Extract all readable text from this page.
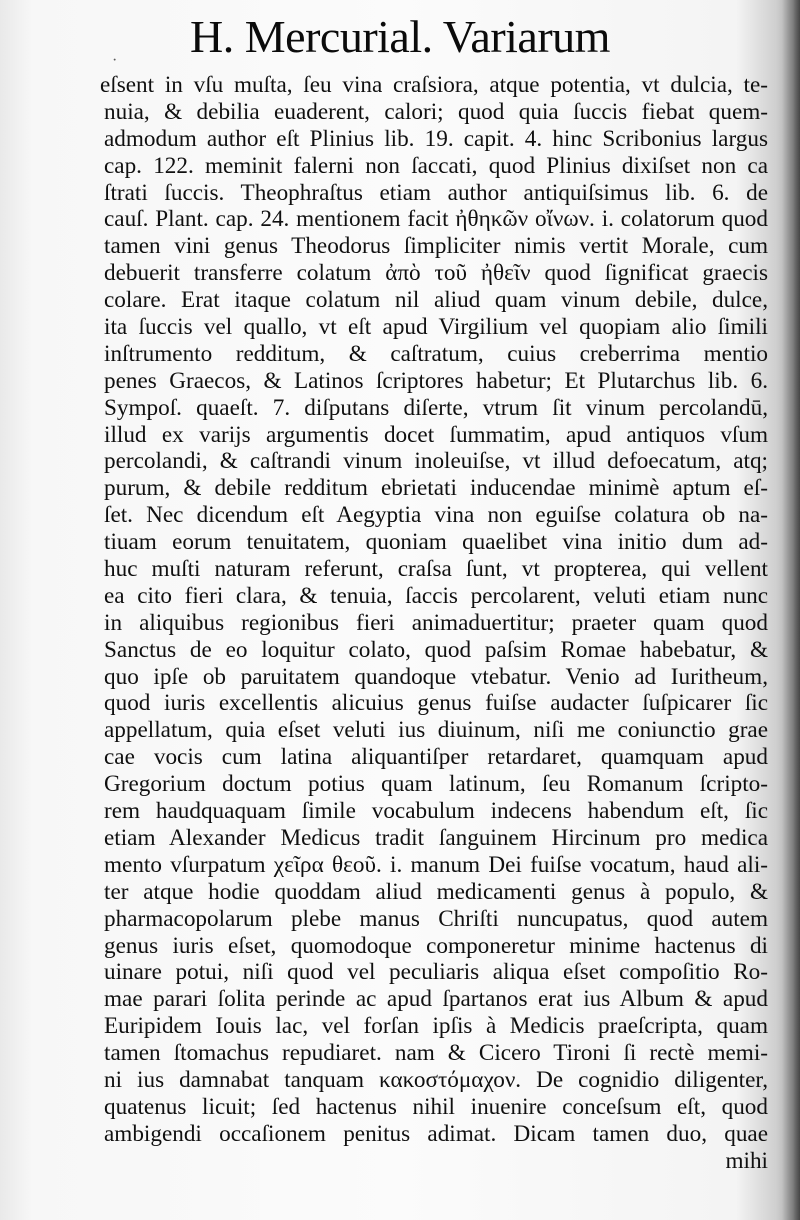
· H. Mercurial. Variarum
eſsent in vſu muſta, ſeu vina craſsiora, atque potentia, vt dulcia, te-
nuia, & debilia euaderent, calori; quod quia ſuccis fiebat quem-
admodum author eſt Plinius lib. 19. capit. 4. hinc Scribonius largus
cap. 122. meminit falerni non ſaccati, quod Plinius dixiſset non ca
ſtrati ſuccis. Theophraſtus etiam author antiquiſsimus lib. 6. de
cauſ. Plant. cap. 24. mentionem facit ἠθηκῶν οἴνων. i. colatorum quod
tamen vini genus Theodorus ſimpliciter nimis vertit Morale, cum
debuerit transferre colatum ἀπὸ τοῦ ἠθεῖν quod ſignificat graecis
colare. Erat itaque colatum nil aliud quam vinum debile, dulce,
ita ſuccis vel quallo, vt eſt apud Virgilium vel quopiam alio ſimili
inſtrumento redditum, & caſtratum, cuius creberrima mentio
penes Graecos, & Latinos ſcriptores habetur; Et Plutarchus lib. 6.
Sympoſ. quaeſt. 7. diſputans diſerte, vtrum ſit vinum percolandū,
illud ex varijs argumentis docet ſummatim, apud antiquos vſum
percolandi, & caſtrandi vinum inoleuiſse, vt illud defoecatum, atq;
purum, & debile redditum ebrietati inducendae minimè aptum eſ-
ſet. Nec dicendum eſt Aegyptia vina non eguiſse colatura ob na-
tiuam eorum tenuitatem, quoniam quaelibet vina initio dum ad-
huc muſti naturam referunt, craſsa ſunt, vt propterea, qui vellent
ea cito fieri clara, & tenuia, ſaccis percolarent, veluti etiam nunc
in aliquibus regionibus fieri animaduertitur; praeter quam quod
Sanctus de eo loquitur colato, quod paſsim Romae habebatur, &
quo ipſe ob paruitatem quandoque vtebatur. Venio ad Iuritheum,
quod iuris excellentis alicuius genus fuiſse audacter ſuſpicarer ſic
appellatum, quia eſset veluti ius diuinum, niſi me coniunctio grae
cae vocis cum latina aliquantiſper retardaret, quamquam apud
Gregorium doctum potius quam latinum, ſeu Romanum ſcripto-
rem haudquaquam ſimile vocabulum indecens habendum eſt, ſic
etiam Alexander Medicus tradit ſanguinem Hircinum pro medica
mento vſurpatum χεῖρα θεοῦ. i. manum Dei fuiſse vocatum, haud ali-
ter atque hodie quoddam aliud medicamenti genus à populo, &
pharmacopolarum plebe manus Chriſti nuncupatus, quod autem
genus iuris eſset, quomodoque componeretur minime hactenus di
uinare potui, niſi quod vel peculiaris aliqua eſset compoſitio Ro-
mae parari ſolita perinde ac apud ſpartanos erat ius Album & apud
Euripidem Iouis lac, vel forſan ipſis à Medicis praeſcripta, quam
tamen ſtomachus repudiaret. nam & Cicero Tironi ſi rectè memi-
ni ius damnabat tanquam κακοστόμαχον. De cognidio diligenter,
quatenus licuit; ſed hactenus nihil inuenire conceſsum eſt, quod
ambigendi occaſionem penitus adimat. Dicam tamen duo, quae
mihi
